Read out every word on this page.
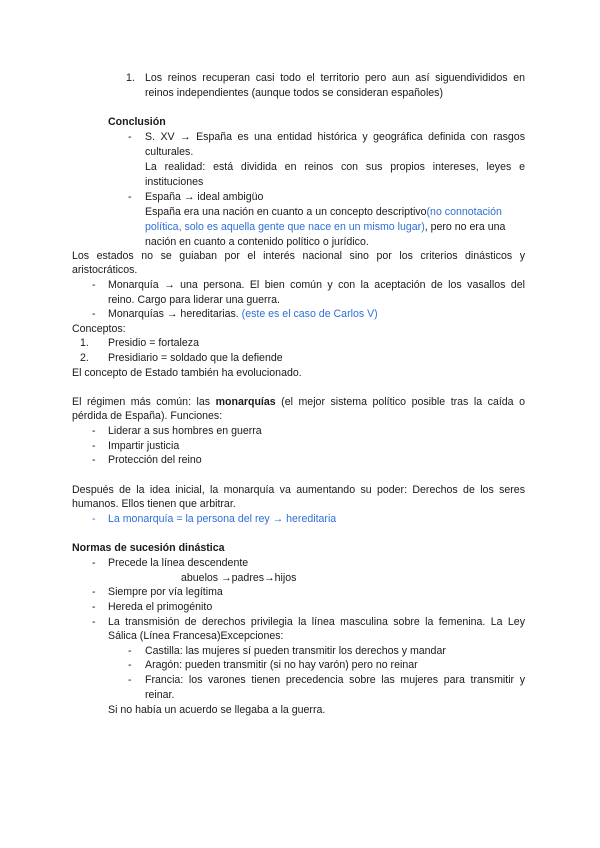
1. Los reinos recuperan casi todo el territorio pero aun así siguendivididos en
reinos independientes (aunque todos se consideran españoles)
Conclusión
- S. XV → España es una entidad histórica y geográfica definida con rasgos
culturales.
La realidad: está dividida en reinos con sus propios intereses, leyes e
instituciones
- España → ideal ambigüo
España era una nación en cuanto a un concepto descriptivo(no connotación
política, solo es aquella gente que nace en un mismo lugar), pero no era una
nación en cuanto a contenido político o jurídico.
Los estados no se guiaban por el interés nacional sino por los criterios dinásticos y
aristocráticos.
- Monarquía → una persona. El bien común y con la aceptación de los vasallos del
reino. Cargo para liderar una guerra.
- Monarquías → hereditarias. (este es el caso de Carlos V)
Conceptos:
1. Presidio = fortaleza
2. Presidiario = soldado que la defiende
El concepto de Estado también ha evolucionado.
El régimen más común: las monarquías (el mejor sistema político posible tras la caída o
pérdida de España). Funciones:
- Liderar a sus hombres en guerra
- Impartir justicia
- Protección del reino
Después de la idea inicial, la monarquía va aumentando su poder: Derechos de los seres
humanos. Ellos tienen que arbitrar.
- La monarquía = la persona del rey → hereditaria
Normas de sucesión dinástica
- Precede la línea descendente
abuelos →padres→hijos
- Siempre por vía legítima
- Hereda el primogénito
- La transmisión de derechos privilegia la línea masculina sobre la femenina. La Ley
Sálica (Línea Francesa)Excepciones:
- Castilla: las mujeres sí pueden transmitir los derechos y mandar
- Aragón: pueden transmitir (si no hay varón) pero no reinar
- Francia: los varones tienen precedencia sobre las mujeres para transmitir y
reinar.
Si no había un acuerdo se llegaba a la guerra.
